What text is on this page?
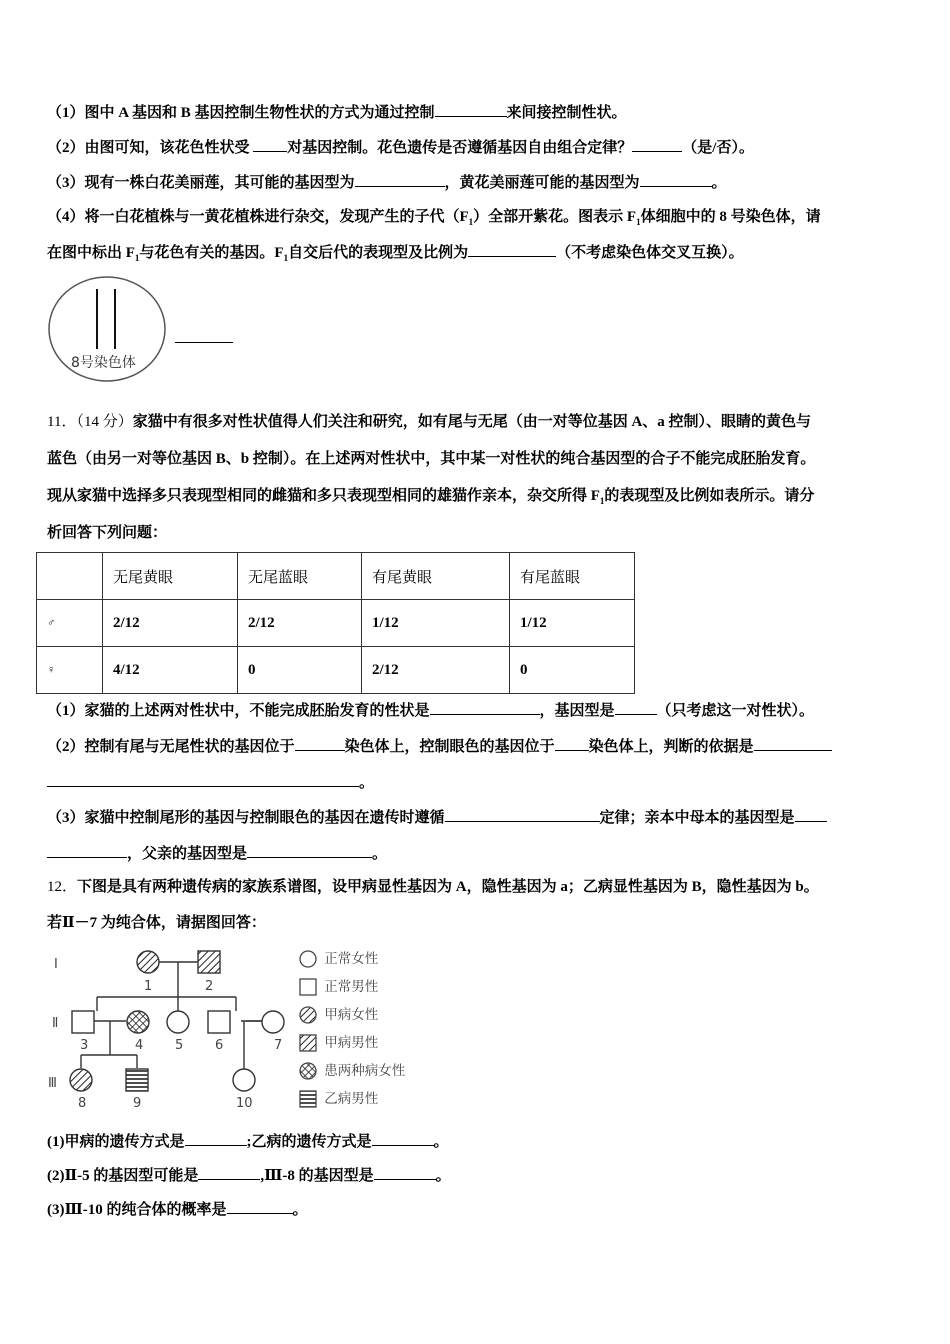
（1）图中 A 基因和 B 基因控制生物性状的方式为通过控制	来间接控制性状。
（2）由图可知，该花色性状受 对基因控制。花色遗传是否遵循基因自由组合定律？	（是/否）。
（3）现有一株白花美丽莲，其可能的基因型为	，黄花美丽莲可能的基因型为	。
（4）将一白花植株与一黄花植株进行杂交，发现产生的子代$(F_1)$全部开紫花。图表示 $F_1$体细胞中的 8 号染色体，请
在图中标出 $F_1$与花色有关的基因。$F_1$自交后代的表现型及比例为	（不考虑染色体交叉互换）。
8号染色体
11．（14 分）家猫中有很多对性状值得人们关注和研究，如有尾与无尾（由一对等位基因 A、a 控制）、眼睛的黄色与
蓝色（由另一对等位基因 B、b 控制）。在上述两对性状中，其中某一对性状的纯合基因型的合子不能完成胚胎发育。
现从家猫中选择多只表现型相同的雌猫和多只表现型相同的雄猫作亲本，杂交所得 $F_1$的表现型及比例如表所示。请分
析回答下列问题：
	无尾黄眼	无尾蓝眼	有尾黄眼	有尾蓝眼
♂	2/12	2/12	1/12	1/12
♀	4/12	0	2/12	0
（1）家猫的上述两对性状中，不能完成胚胎发育的性状是	，基因型是	（只考虑这一对性状）。
（2）控制有尾与无尾性状的基因位于	染色体上，控制眼色的基因位于 染色体上，判断的依据是
。
（3）家猫中控制尾形的基因与控制眼色的基因在遗传时遵循	定律；亲本中母本的基因型是
，父亲的基因型是	。
12．下图是具有两种遗传病的家族系谱图，设甲病显性基因为 A，隐性基因为 a；乙病显性基因为 B，隐性基因为 b。
若Ⅱ－7 为纯合体，请据图回答：
Ⅰ
Ⅱ
Ⅲ
1	2
3	4 5 6	7
8	9	10
正常女性
正常男性
甲病女性
甲病男性
患两种病女性
乙病男性
(1)甲病的遗传方式是	;乙病的遗传方式是	。
(2)Ⅱ-5 的基因型可能是	,Ⅲ-8 的基因型是	。
(3)Ⅲ-10 的纯合体的概率是	。
